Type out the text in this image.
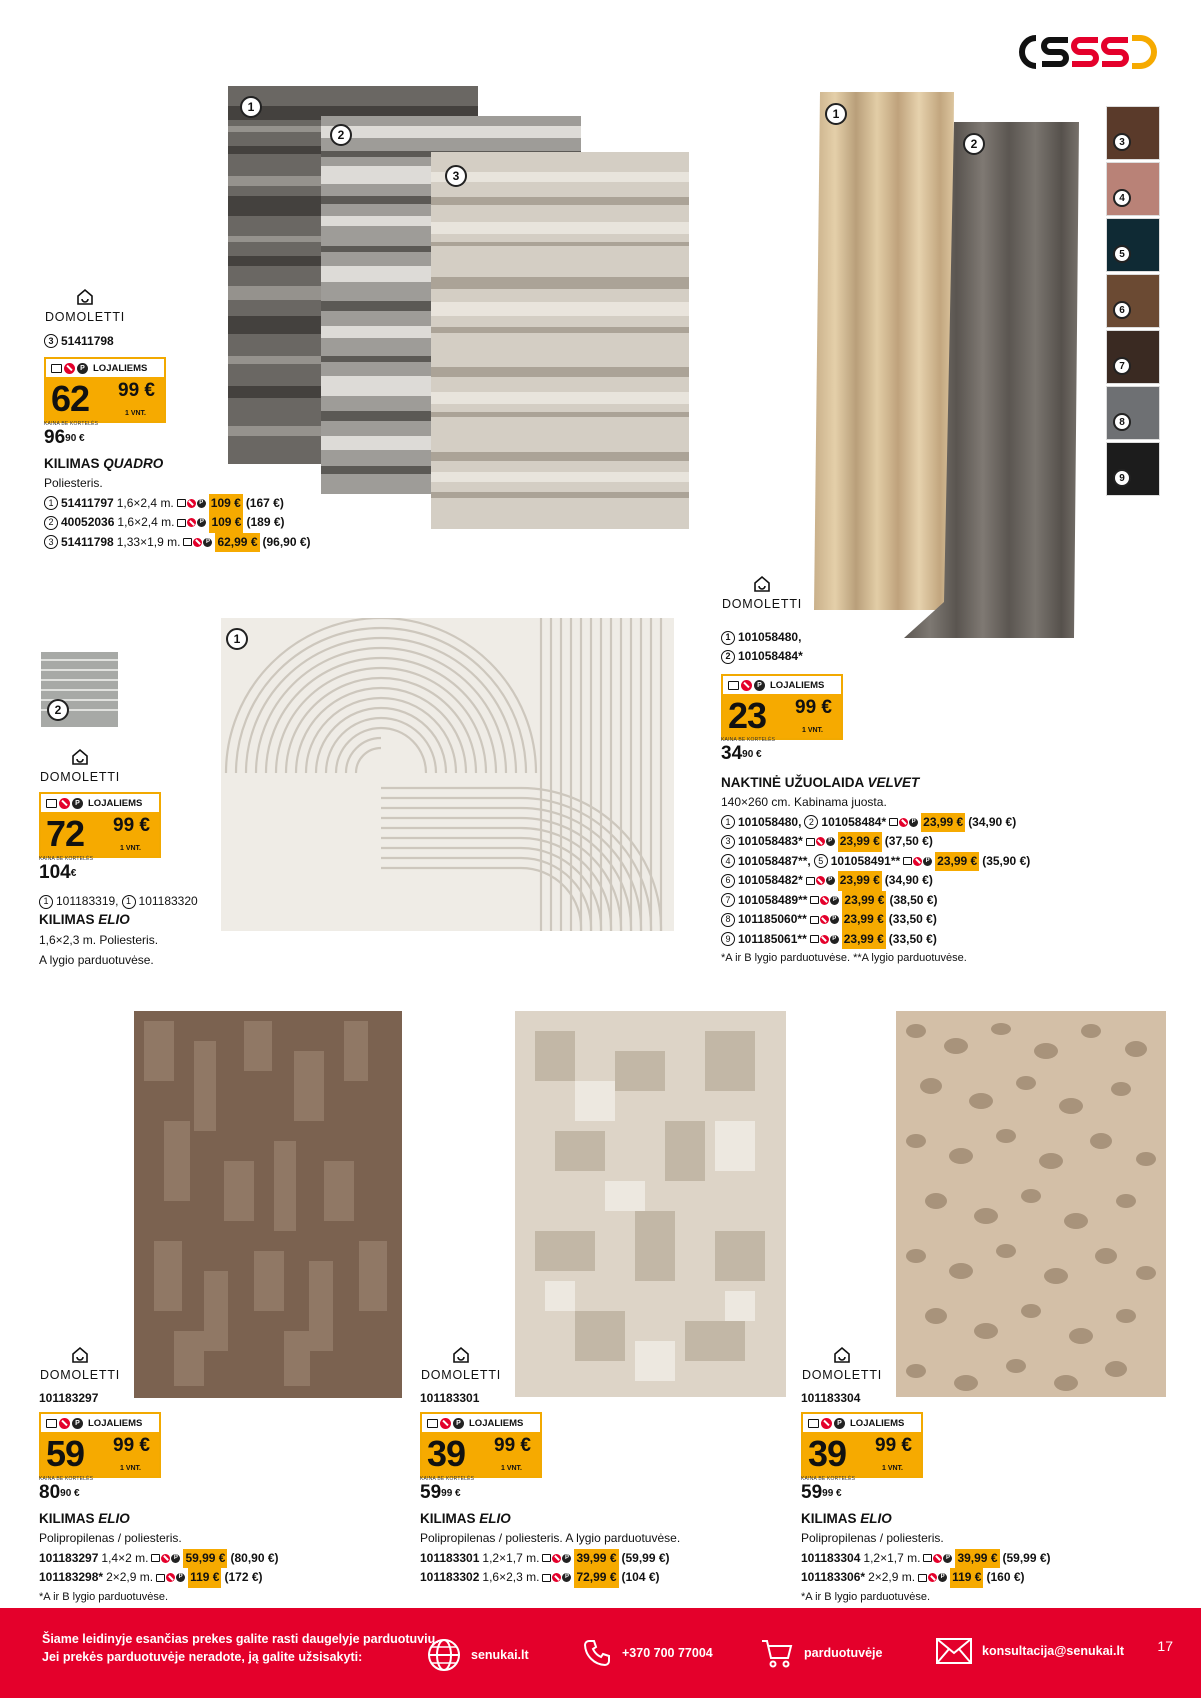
1
2
3
DOMOLETTI
3 51411798
P LOJALIEMS
62 99 €
1 VNT.
KAINA BE KORTELĖS
$96^{90 €}$
KILIMAS QUADRO
Poliesteris.
1 51411797 1,6×2,4 m.	P 109 € (167 €)
2 40052036 1,6×2,4 m.	P 109 € (189 €)
3 51411798 1,33×1,9 m.	P 62,99 € (96,90 €)
1
2	3
4
5
6
7
8
9
DOMOLETTI
1 101058480,
2 101058484*
P LOJALIEMS
23 99 €
1 VNT.
KAINA BE KORTELĖS
$34^{90 €}$
NAKTINĖ UŽUOLAIDA VELVET
140×260 cm. Kabinama juosta.
1 101058480, 2 101058484*	P 23,99 € (34,90 €)
3 101058483*	P 23,99 € (37,50 €)
4 101058487**, 5 101058491**	P 23,99 € (35,90 €)
6 101058482*	P 23,99 € (34,90 €)
7 101058489**	P 23,99 € (38,50 €)
8 101185060**	P 23,99 € (33,50 €)
9 101185061**	P 23,99 € (33,50 €)
*A ir B lygio parduotuvėse. **A lygio parduotuvėse.
1
2
DOMOLETTI
P LOJALIEMS
72 99 €
1 VNT.
KAINA BE KORTELĖS
104€
1 101183319, 1 101183320
KILIMAS ELIO
1,6×2,3 m. Poliesteris.
A lygio parduotuvėse.
DOMOLETTI
101183297
P LOJALIEMS
59 99 €
1 VNT.
KAINA BE KORTELĖS
$80^{90 €}$
KILIMAS ELIO
Polipropilenas / poliesteris.
101183297 1,4×2 m.	P 59,99 € (80,90 €)
101183298* 2×2,9 m.	P 119 € (172 €)
*A ir B lygio parduotuvėse.
DOMOLETTI
101183301
P LOJALIEMS
39 99 €
1 VNT.
KAINA BE KORTELĖS
$59^{99 €}$
KILIMAS ELIO
Polipropilenas / poliesteris. A lygio parduotuvėse.
101183301 1,2×1,7 m.	P 39,99 € (59,99 €)
101183302 1,6×2,3 m.	P 72,99 € (104 €)
DOMOLETTI
101183304
P LOJALIEMS
39 99 €
1 VNT.
KAINA BE KORTELĖS
$59^{99 €}$
KILIMAS ELIO
Polipropilenas / poliesteris.
101183304 1,2×1,7 m.	P 39,99 € (59,99 €)
101183306* 2×2,9 m.	P 119 € (160 €)
*A ir B lygio parduotuvėse.
Šiame leidinyje esančias prekes galite rasti daugelyje parduotuvių.
Jei prekės parduotuvėje neradote, ją galite užsisakyti:	senukai.lt	+370 700 77004	parduotuvėje	konsultacija@senukai.lt 17
